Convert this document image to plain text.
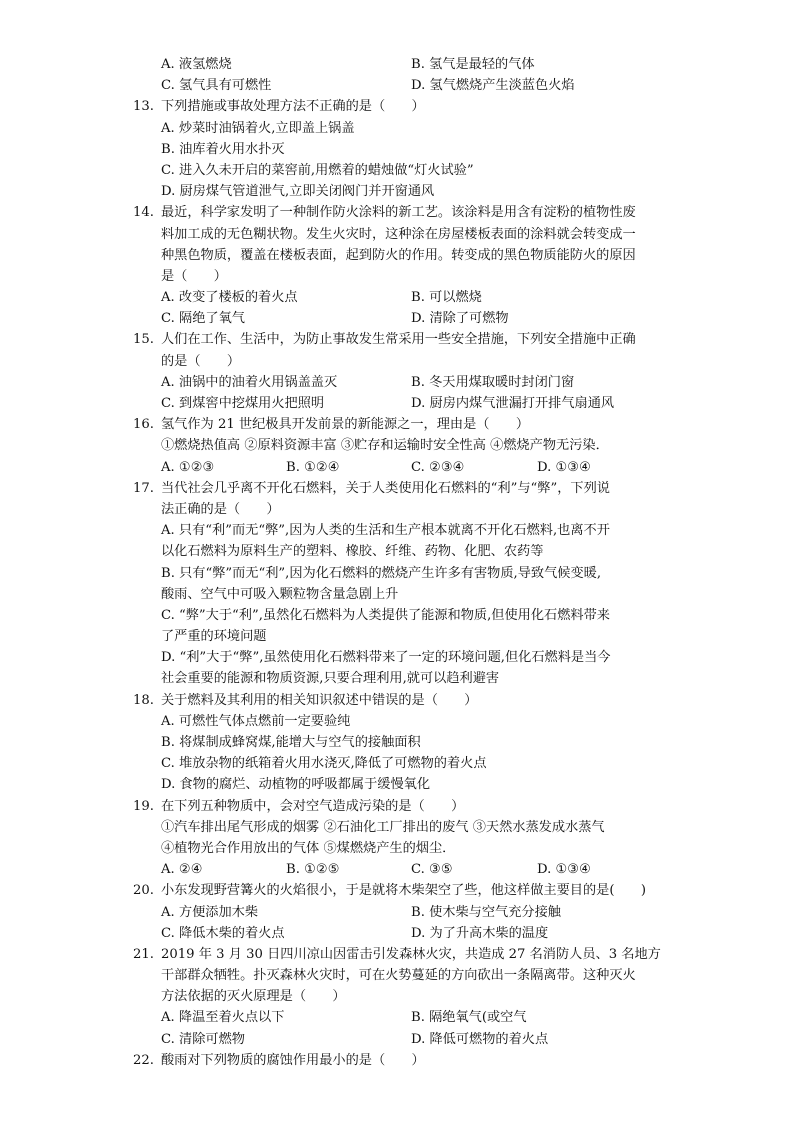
A. 液氢燃烧	B. 氢气是最轻的气体
C. 氢气具有可燃性	D. 氢气燃烧产生淡蓝色火焰
13. 下列措施或事故处理方法不正确的是（　　）
A. 炒菜时油锅着火,立即盖上锅盖
B. 油库着火用水扑灭
C. 进入久未开启的菜窖前,用燃着的蜡烛做“灯火试验”
D. 厨房煤气管道泄气,立即关闭阀门并开窗通风
14. 最近，科学家发明了一种制作防火涂料的新工艺。该涂料是用含有淀粉的植物性废
料加工成的无色糊状物。发生火灾时，这种涂在房屋楼板表面的涂料就会转变成一
种黑色物质，覆盖在楼板表面，起到防火的作用。转变成的黑色物质能防火的原因
是（　　）
A. 改变了楼板的着火点	B. 可以燃烧
C. 隔绝了氧气	D. 清除了可燃物
15. 人们在工作、生活中，为防止事故发生常采用一些安全措施，下列安全措施中正确
的是（　　）
A. 油锅中的油着火用锅盖盖灭	B. 冬天用煤取暖时封闭门窗
C. 到煤窖中挖煤用火把照明	D. 厨房内煤气泄漏打开排气扇通风
16. 氢气作为 21 世纪极具开发前景的新能源之一，理由是（　　）
①燃烧热值高 ②原料资源丰富 ③贮存和运输时安全性高 ④燃烧产物无污染．
A. ①②③	B. ①②④	C. ②③④	D. ①③④
17. 当代社会几乎离不开化石燃料，关于人类使用化石燃料的“利”与“弊”，下列说
法正确的是（　　）
A. 只有“利”而无“弊”,因为人类的生活和生产根本就离不开化石燃料,也离不开
以化石燃料为原料生产的塑料、橡胶、纤维、药物、化肥、农药等
B. 只有“弊”而无“利”,因为化石燃料的燃烧产生许多有害物质,导致气候变暖,
酸雨、空气中可吸入颗粒物含量急剧上升
C. “弊”大于“利”,虽然化石燃料为人类提供了能源和物质,但使用化石燃料带来
了严重的环境问题
D. “利”大于“弊”,虽然使用化石燃料带来了一定的环境问题,但化石燃料是当今
社会重要的能源和物质资源,只要合理利用,就可以趋利避害
18. 关于燃料及其利用的相关知识叙述中错误的是（　　）
A. 可燃性气体点燃前一定要验纯
B. 将煤制成蜂窝煤,能增大与空气的接触面积
C. 堆放杂物的纸箱着火用水浇灭,降低了可燃物的着火点
D. 食物的腐烂、动植物的呼吸都属于缓慢氧化
19. 在下列五种物质中，会对空气造成污染的是（　　）
①汽车排出尾气形成的烟雾 ②石油化工厂排出的废气 ③天然水蒸发成水蒸气
④植物光合作用放出的气体 ⑤煤燃烧产生的烟尘．
A. ②④	B. ①②⑤	C. ③⑤	D. ①③④
20. 小东发现野营篝火的火焰很小，于是就将木柴架空了些，他这样做主要目的是(　　)
A. 方便添加木柴	B. 使木柴与空气充分接触
C. 降低木柴的着火点	D. 为了升高木柴的温度
21. 2019 年 3 月 30 日四川凉山因雷击引发森林火灾，共造成 27 名消防人员、3 名地方
干部群众牺牲。扑灭森林火灾时，可在火势蔓延的方向砍出一条隔离带。这种灭火
方法依据的灭火原理是（　　）
A. 降温至着火点以下	B. 隔绝氧气(或空气
C. 清除可燃物	D. 降低可燃物的着火点
22. 酸雨对下列物质的腐蚀作用最小的是（　　）
